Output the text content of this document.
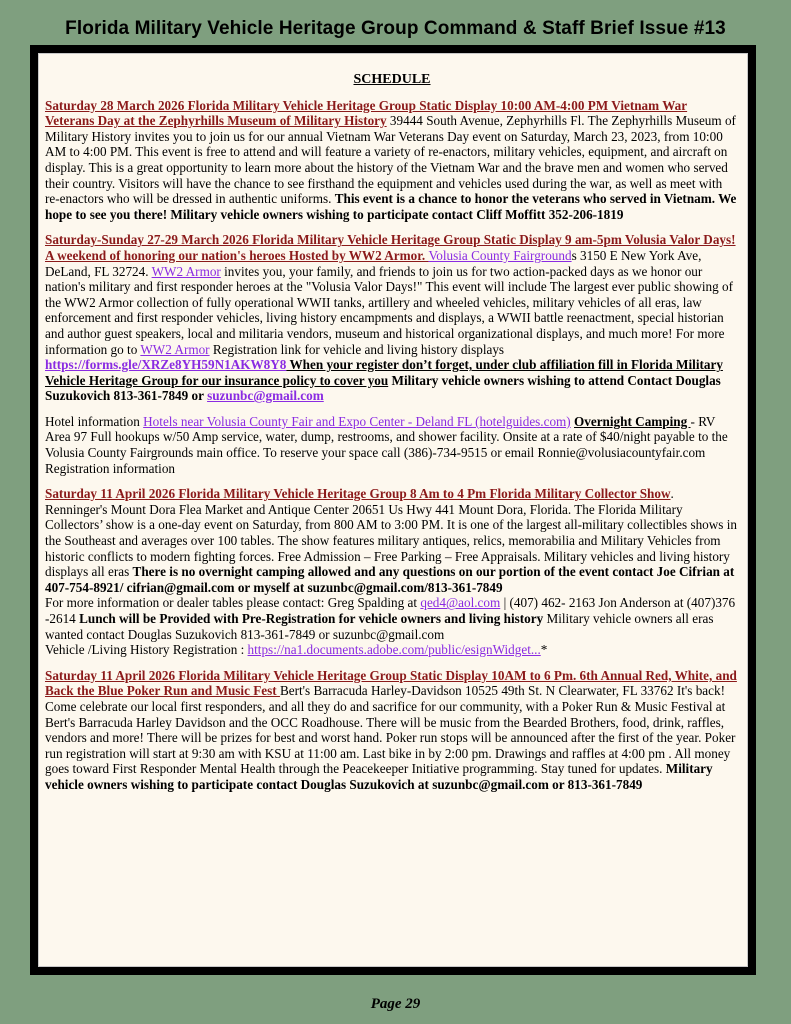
Florida Military Vehicle Heritage Group Command & Staff Brief Issue #13
SCHEDULE

Saturday 28 March 2026 Florida Military Vehicle Heritage Group Static Display 10:00 AM-4:00 PM Vietnam War Veterans Day at the Zephyrhills Museum of Military History 39444 South Avenue, Zephyrhills Fl. The Zephyrhills Museum of Military History invites you to join us for our annual Vietnam War Veterans Day event on Saturday, March 23, 2023, from 10:00 AM to 4:00 PM. This event is free to attend and will feature a variety of re-enactors, military vehicles, equipment, and aircraft on display. This is a great opportunity to learn more about the history of the Vietnam War and the brave men and women who served their country. Visitors will have the chance to see firsthand the equipment and vehicles used during the war, as well as meet with re-enactors who will be dressed in authentic uniforms. This event is a chance to honor the veterans who served in Vietnam. We hope to see you there! Military vehicle owners wishing to participate contact Cliff Moffitt 352-206-1819

Saturday-Sunday 27-29 March 2026 Florida Military Vehicle Heritage Group Static Display 9 am-5pm Volusia Valor Days! A weekend of honoring our nation's heroes Hosted by WW2 Armor. Volusia County Fairgrounds 3150 E New York Ave, DeLand, FL 32724. WW2 Armor invites you, your family, and friends to join us for two action-packed days as we honor our nation's military and first responder heroes at the "Volusia Valor Days!" This event will include The largest ever public showing of the WW2 Armor collection of fully operational WWII tanks, artillery and wheeled vehicles, military vehicles of all eras, law enforcement and first responder vehicles, living history encampments and displays, a WWII battle reenactment, special historian and author guest speakers, local and militaria vendors, museum and historical organizational displays, and much more! For more information go to WW2 Armor Registration link for vehicle and living history displays https://forms.gle/XRZe8YH59N1AKW8Y8 When your register don’t forget, under club affiliation fill in Florida Military Vehicle Heritage Group for our insurance policy to cover you Military vehicle owners wishing to attend Contact Douglas Suzukovich 813-361-7849 or suzunbc@gmail.com

Hotel information Hotels near Volusia County Fair and Expo Center - Deland FL (hotelguides.com) Overnight Camping - RV Area 97 Full hookups w/50 Amp service, water, dump, restrooms, and shower facility. Onsite at a rate of $40/night payable to the Volusia County Fairgrounds main office. To reserve your space call (386)-734-9515 or email Ronnie@volusiacountyfair.com Registration information

Saturday 11 April 2026 Florida Military Vehicle Heritage Group 8 Am to 4 Pm Florida Military Collector Show. Renninger's Mount Dora Flea Market and Antique Center 20651 Us Hwy 441 Mount Dora, Florida. The Florida Military Collectors’ show is a one-day event on Saturday, from 800 AM to 3:00 PM. It is one of the largest all-military collectibles shows in the Southeast and averages over 100 tables. The show features military antiques, relics, memorabilia and Military Vehicles from historic conflicts to modern fighting forces. Free Admission – Free Parking – Free Appraisals. Military vehicles and living history displays all eras There is no overnight camping allowed and any questions on our portion of the event contact Joe Cifrian at 407-754-8921/ cifrian@gmail.com or myself at suzunbc@gmail.com/813-361-7849
For more information or dealer tables please contact: Greg Spalding at qed4@aol.com | (407) 462- 2163 Jon Anderson at (407)376 -2614 Lunch will be Provided with Pre-Registration for vehicle owners and living history Military vehicle owners all eras wanted contact Douglas Suzukovich 813-361-7849 or suzunbc@gmail.com
Vehicle /Living History Registration : https://na1.documents.adobe.com/public/esignWidget...*

Saturday 11 April 2026 Florida Military Vehicle Heritage Group Static Display 10AM to 6 Pm. 6th Annual Red, White, and Back the Blue Poker Run and Music Fest Bert's Barracuda Harley-Davidson 10525 49th St. N Clearwater, FL 33762 It's back! Come celebrate our local first responders, and all they do and sacrifice for our community, with a Poker Run & Music Festival at Bert's Barracuda Harley Davidson and the OCC Roadhouse. There will be music from the Bearded Brothers, food, drink, raffles, vendors and more! There will be prizes for best and worst hand. Poker run stops will be announced after the first of the year. Poker run registration will start at 9:30 am with KSU at 11:00 am. Last bike in by 2:00 pm. Drawings and raffles at 4:00 pm . All money goes toward First Responder Mental Health through the Peacekeeper Initiative programming. Stay tuned for updates. Military vehicle owners wishing to participate contact Douglas Suzukovich at suzunbc@gmail.com or 813-361-7849

Page 29
